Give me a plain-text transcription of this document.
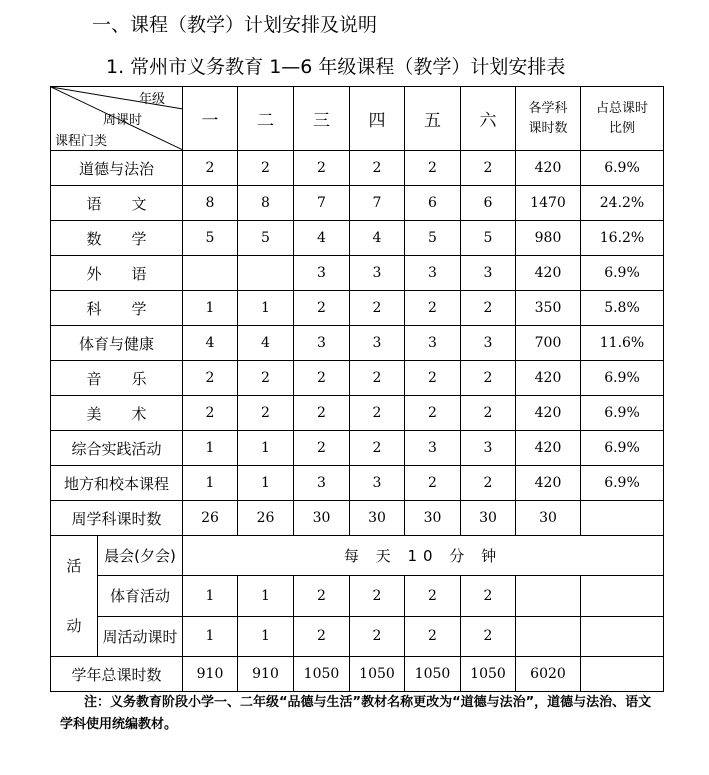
一、课程（教学）计划安排及说明
1. 常州市义务教育 1—6 年级课程（教学）计划安排表
年级
周课时
课程门类		一	二	三	四	五	六	各学科课时数	占总课时比例

道德与法治		2	2	2	2	2	2	420	6.9%
语　　文		8	8	7	7	6	6	1470	24.2%
数　　学		5	5	4	4	5	5	980	16.2%
外　　语				3	3	3	3	420	6.9%
科　　学		1	1	2	2	2	2	350	5.8%
体育与健康		4	4	3	3	3	3	700	11.6%
音　　乐		2	2	2	2	2	2	420	6.9%
美　　术		2	2	2	2	2	2	420	6.9%
综合实践活动		1	1	2	2	3	3	420	6.9%
地方和校本课程		1	1	3	3	2	2	420	6.9%
周学科课时数		26	26	30	30	30	30	30	

活
动	晨会(夕会)	每 天 10 分 钟							
	体育活动	1	1	2	2	2	2		
	周活动课时	1	1	2	2	2	2		
学年总课时数		910	910	1050	1050	1050	1050	6020	
注：义务教育阶段小学一、二年级“品德与生活”教材名称更改为“道德与法治”，道德与法治、语文学科使用统编教材。
